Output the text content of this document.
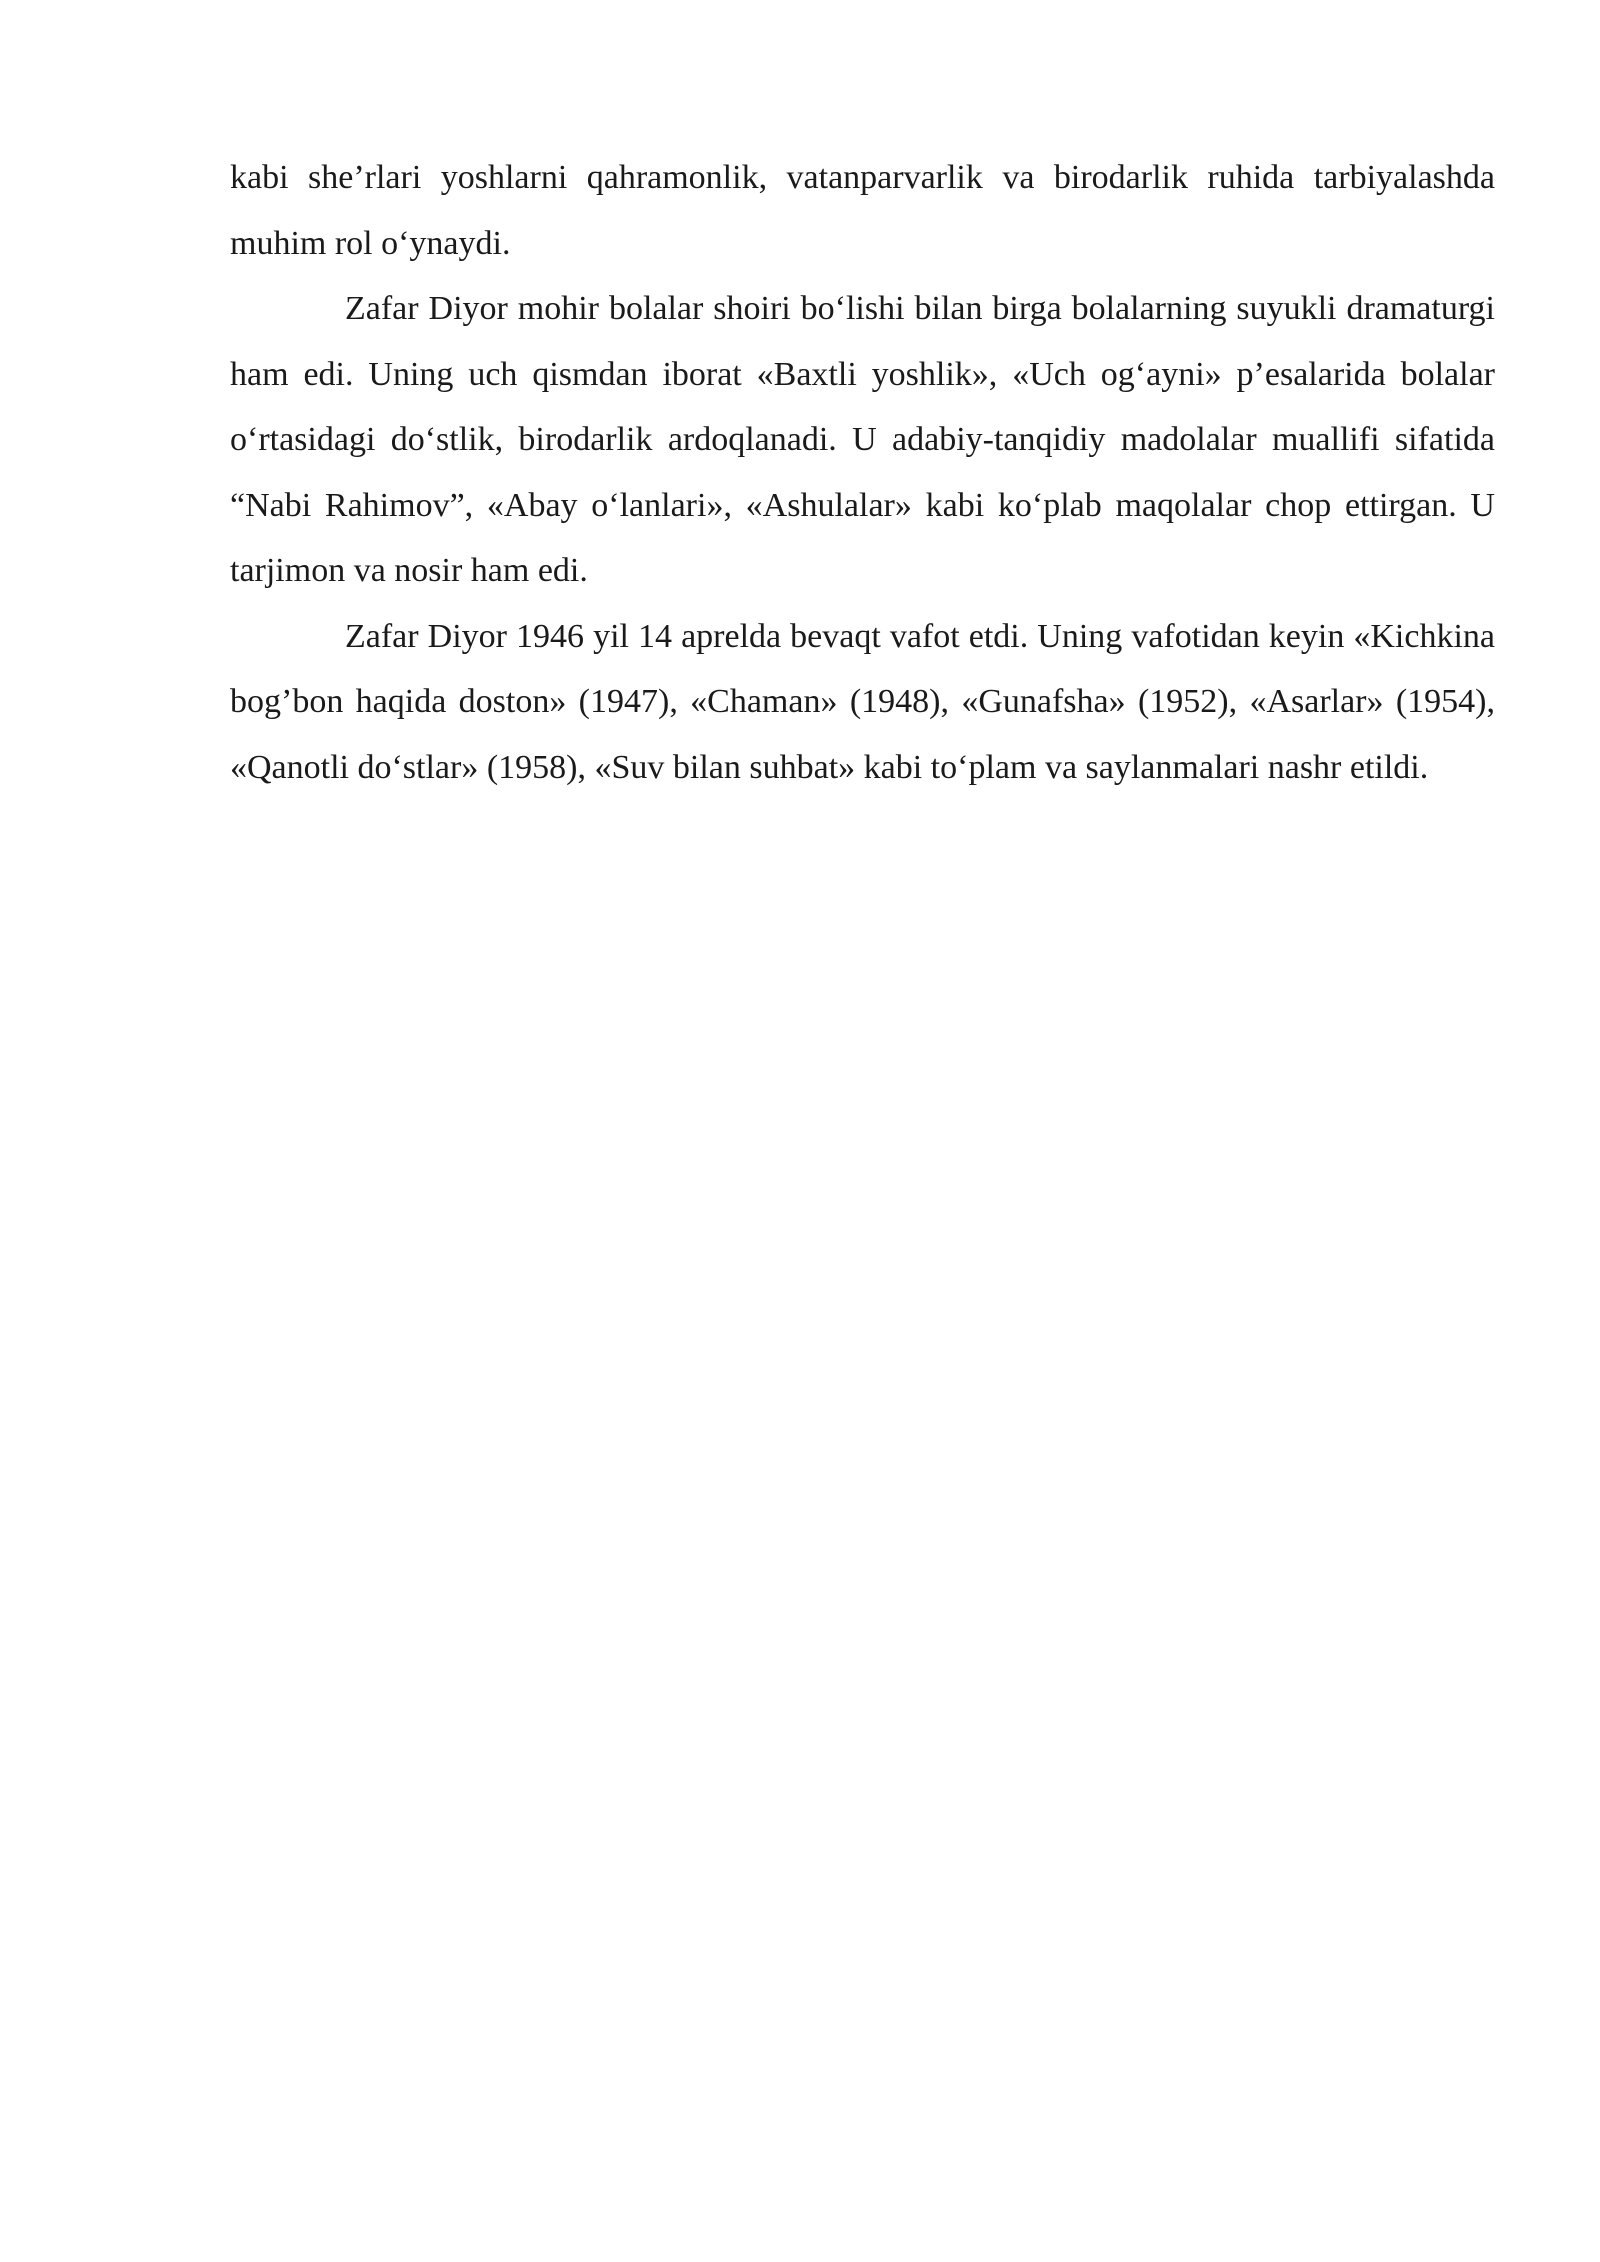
kabi she’rlari yoshlarni qahramonlik, vatanparvarlik va birodarlik ruhida tarbiyalashda muhim rol o‘ynaydi.

Zafar Diyor mohir bolalar shoiri bo‘lishi bilan birga bolalarning suyukli dramaturgi ham edi. Uning uch qismdan iborat «Baxtli yoshlik», «Uch og‘ayni» p’esalarida bolalar o‘rtasidagi do‘stlik, birodarlik ardoqlanadi. U adabiy-tanqidiy madolalar muallifi sifatida “Nabi Rahimov”, «Abay o‘lanlari», «Ashulalar» kabi ko‘plab maqolalar chop ettirgan. U tarjimon va nosir ham edi.

Zafar Diyor 1946 yil 14 aprelda bevaqt vafot etdi. Uning vafotidan keyin «Kichkina bog’bon haqida doston» (1947), «Chaman» (1948), «Gunafsha» (1952), «Asarlar» (1954), «Qanotli do‘stlar» (1958), «Suv bilan suhbat» kabi to‘plam va saylanmalari nashr etildi.
